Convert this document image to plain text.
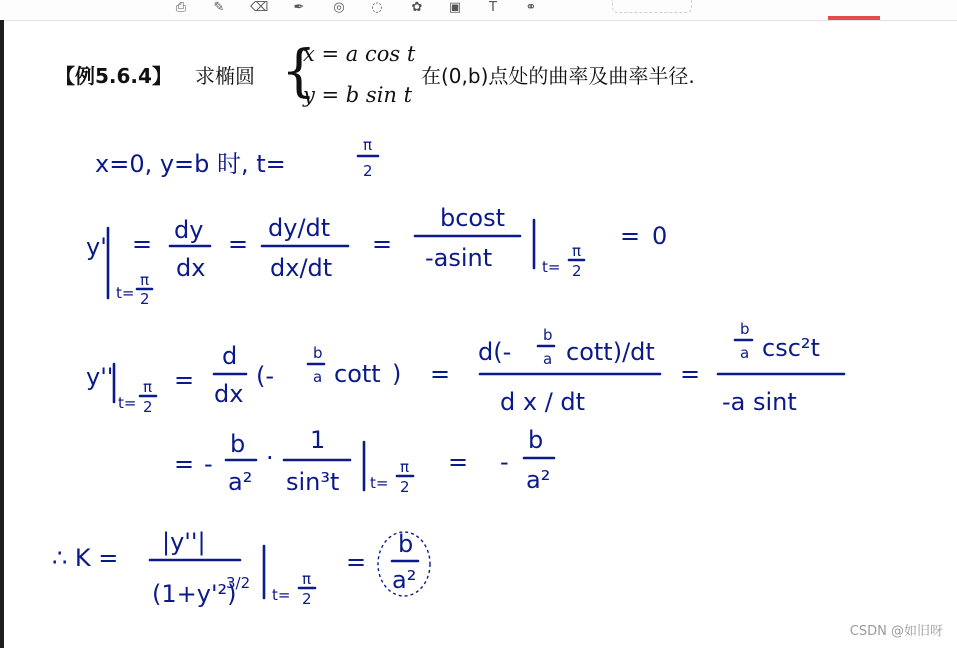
⎙ ✎ ⌫ ✒ ◎ ◌ ✿ ▣	T	⚭
【例5.6.4】 求椭圆 {
x = a cos t
y = b sin t
在(0,b)点处的曲率及曲率半径.
x=0, y=b 时, t=
π
2
y'
t=
π
2
= dy
dx
=
dy/dt
dx/dt
=
bcost
-asint	t=
π
2
= 0
y''
t=
π
2
=
d
dx
(-
b
a cott ) =
d(-
b
a cott)/dt
d x / dt
=
b
a csc²t
-a sint
= -
b
a²
·
1
sin³t t=
π
2
= -
b
a²
∴ K =
|y''|
(1+y'²)
3/2
t=
π
2
=
b
a²
CSDN @如旧呀
